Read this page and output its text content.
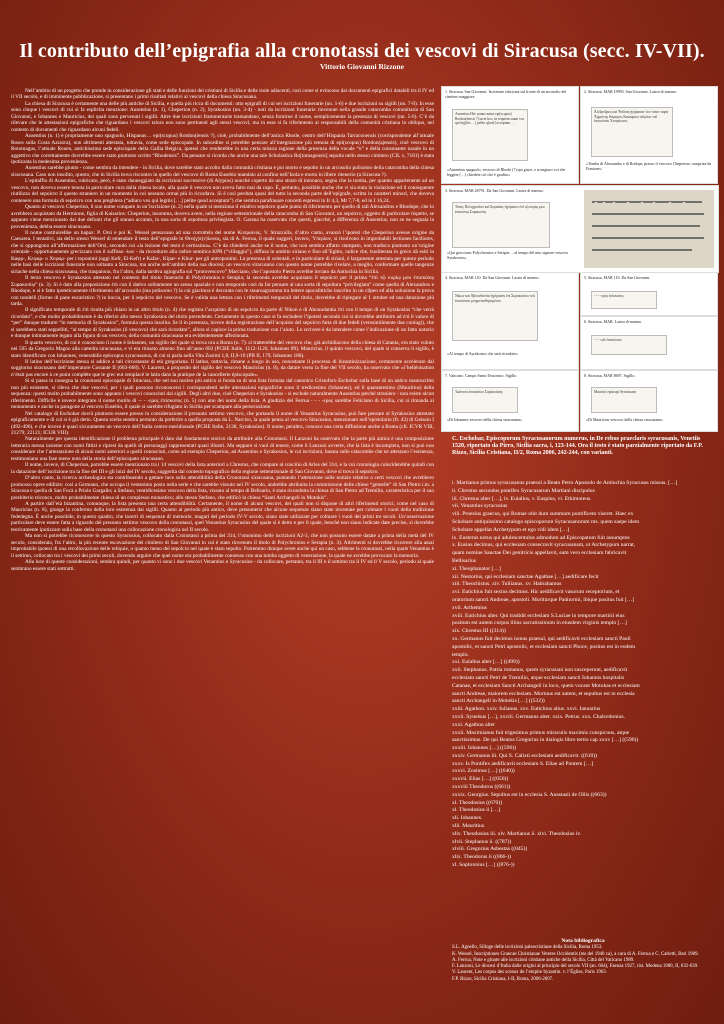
Il contributo dell’epigrafia alla cronotassi dei vescovi di Siracusa (secc. IV-VII).
Vittorio Giovanni Rizzone

Nell’ambito di un progetto che prende in considerazione gli stati e delle funzioni dei cristiani di Sicilia e delle isole adiacenti, così come si evincono dai documenti epigrafici databili tra il IV ed il VII secolo, e di imminente pubblicazione, si presentano i primi risultati relativi ai vescovi della chiesa Siracusana.

La chiesa di Siracusa è certamente una delle più antiche di Sicilia, e quella più ricca di documenti: otto epigrafi di cui sei iscrizioni funerarie (nn. 1-6) e due iscrizioni su sigilli (nn. 7-8). In esse sono cinque i vescovi di cui si fa esplicita menzione: Ausentius (n. 1), Cheperion (n. 2), Syrakosios (nn. 3-4) - noti da iscrizioni funerarie rinvenute nella grande catacomba comunitaria di San Giovanni, e Iohannes e Mauricius, dei quali sono pervenuti i sigilli. Altre due iscrizioni frammentarie tramandano, senza fornirne il nome, semplicemente la presenza di vescovi (nn. 5-6). C’è da rilevare che le attestazioni epigrafiche che riguardano i vescovi talora non sono pertinenti agli stessi vescovi, ma in esse si fa riferimento ai responsabili della comunità cristiana in obliquo, nel contesto di documenti che riguardano alcuni fedeli.

Ausentius (n. 1) è propriamente uno spagnolo, Hispanus… epi(scopus) Rotdon(iensis ?), cioè, probabilmente dell’antica Rhode, centro dell’Hispania Tarraconensis (corrispondente all’attuale Roses sulla Costa Azzurra), non altrimenti attestata, tuttavia, come sede episcopale. In subordine si potrebbe pensare all’integrazione più remota di epi(scopus) Rotdon(ajensis), cioè vescovo di Rotomagus, l’attuale Rouen, antichissima sede episcopale della Gallia Belgica, ipotesi che renderebbe in una certa misura ragione della presenza della vocale “o” e della consonante nasale in un aggettivo che correttamente dovrebbe essere stato piuttosto scritto “Rhodensis”. Da pensare si ricorda che anche una tale Scholastica Ro[tomagensis] sepolta nello stesso cimitero (CIL x, 7181) è stata ipotizzata la medesima provenienza.

Ausentius sarebbe giunto - come sembra da intendere - in Sicilia, dove sarebbe stato accolto dalla comunità cristiana e poi morto e sepolto in un arcosolio polisomo della catacomba della chiesa siracusana. Caso non insolito, questo, che in Sicilia trova riscontro in quello del vescovo di Roma Eusebio mandato al confino nell’Isola e morto in libere ritenerio (a Siracusa ?).

L’epitaffio di Ausentius, rubricato, però, è stato danneggiato da iscrizioni successive (di Alypios) nonché coperto da uno strato di intonaco, segno che la tomba, per quanto appartenente ad un vescovo, non doveva essere tenuta in particolare cura dalla chiesa locale, alla quale il vescovo non aveva fatto mai da capo. È, pertanto, possibile anche che vi sia stata la violazione ed il conseguente riutilizzo del sepolcro il questo straniero in un momento in cui nessuno ormai più lo ricordava. Si è così perduta quasi del tutto la seconda parte dell’epigrafe, scritta in caratteri minori, che doveva contenere una formula di sepolcro con una preghiera (“adiuro vos qui legitis […] pelite quod acceptum”) che sembra parafrasare concetti espressi in Ir 4,3, Mt 7,7-8, ed in I 16,24.

Quanto al vescovo Cheperion, il suo nome compare in un’iscrizione (n. 2) nella quale si menziona il relativo sepolcro quale punto di riferimento per quello di tali Alexandros e Rhodope, che lo avrebbero acquistato da Hermione, figlia di Kaisarios: Cheperion, insomma, doveva avere, nella regione settentrionale della catacomba di San Giovanni, un sepolcro, oggetto di particolare rispetto, se appunto viene menzionato dai due defunti che gli stanno accanto, in una sorta di sepoltura privilegiata. O. Garana ha osservato che questi, giacché, a differenza di Ausentius, non se ne segnala la provenienza, debba essere siracusano.

Il nome costituirebbe un hapax: P. Orsi e poi K. Wessel pensavano ad una corruttela del nome Κυπριανός. V. Strazzulla, d’altro canto, avanzò l’ipotesi che Cheperion avesse origine da Caesarea. I tentativi, sia dello stesso Wessel di emendare il testo dell’epigrafe in Θεο(γ)ε(ν)ίωνος, sia di A. Ferrua, il quale suggerì, invece, Ὑπερίων, si risolvono in improbabili lectiones faciliores, che si oppongono all’affermazione dell’Orsi, secondo cui «la lezione del testo è certissima». C’è da chiedersi anche se il nome, che non sembra affatto stampato, non tradisca piuttosto un’origine orientale - opportunamente grecizzata con il suffisso -ίων - da ricondurre alla radice semitica KPR (“villaggio”), diffusa in ambito siriano e fino all’Egitto, radice che, trasliterata in greco dà esiti in Καφρ-, Κεφαρ- o Χεφαρ- per i toponimi (oggi Kefr, El-Kefr) e Kafar-, Kipar- e Kbur- per gli antroponimi. La presenza di orientali, e in particolare di siriani, è largamente attestata per questo periodo nelle basi delle iscrizioni funerarie non soltanto a Siracusa, ma anche nell’ambito della sua diocesi; un vescovo siracusano con questo nome potrebbe rivelare, a meglio, confermare quelle tangenze siriache nella chiesa siracusana, che traspaiono, fra l’altro, dalla tardiva agiografia sul “protovescovo” Marciano, che l’apostolo Pietro avrebbe inviato da Antiochia in Sicilia.

Il terzo vescovo è Syrakosios attestato nel contesto del titolo funerario di Polychronios e Serapia; la seconda avrebbe acquistato il sepolcro per il prima “ἐπὶ τῷ κυρίῳ μου ἐπισκόπῳ Συρακοσίῳ” (n. 3). Si è dato alla preposizione ἐπὶ con il dativo solitamente un senso spaziale e non temporale così da far pensare al una sorta di sepoltura “privilegiata” come quella di Alexandros e Rhodope, e si è fatto ipoteticamente riferimento all’arcosolio (ma polisomo ?) la cui giacitura è decorata con le stauroagramma tra lettere apocalittiche inscritto in un clipeo ed alla soluzione la prova con tondelli (forme di pane eucaristico ?) in bocca, per il sepolcro del vescovo. Se è valida una lettura con i riferimenti temporali del titolo, dovrebbe di ripiegare al 1 ottobre ed una datazione più tarda.

Il significato temporale di ἐπὶ risulta più chiaro in un altro titolo (n. 4) che registra l’acquisto di un sepolcro da parte di Nikon e di Aboundantia ἐπὶ con il tempo di un Syrakosios “che verrà ricordato”, e che molto probabilmente è da riferire allo stesso Syrakosios del titolo precedente. Certamente in questo caso si fa escludere l’ipotesi secondo cui si dovrebbe attribuire ad ἐπὶ il valore di “per” dunque tradurre “in memoria di Syrakosios”, formula questa insolita. Se il in presenza, invece della registrazione dell’acquisto del sepolcro fatta di due fedeli (verosimilmente due coniugi), che si sarebbero stati seppelliti, “al tempo di Syrakosios (il vescovo) che sarà ricordato”, allora si capisce la prima traduzione con l’aiuto. Lo scrivere è da intendere come l’indicazione di un fatto notorio e dunque intimamente legato alla figura di un vescovo, della comunità siracusana era evidentemente affezionata.

Il quarto vescovo, di cui è conosciuto il nome è Iohannes, un sigillo del quale si trova ora a Roma (n. 7): si tratterebbe del vescovo che, già archidiacono della chiesa di Catania, era stato voluto nel 595 da Gregorio Magno alla cattedra siracusana, e vi era rimasto almeno fino all’anno 603 (PCBE Italie, 1112-1120, Iohannes 89). Mauricius, il quinto vescovo, del quale si conserva il sigillo, è stato identificato con Iohannes, venerabilis episcopus syracusanus, di cui si parla nella Vita Zosimi 1,8, II,9-10 (PB II, 179, Iohannes 186).

Il latino dell’iscrizione stessa si addice a tali circostanze di età gregoriana. Il latino, tuttavia, rimane a lungo in uso, nonostante il processo di bizantinizzazione, certamente accelerato dal soggiorno siracusano dell’imperatore Costante II (663-668). V. Laurent, a proposito del sigillo del vescovo Mauricius (n. 8), da datare verso la fine del VII secolo, ha osservato che «l’hellénisation n’était pas encore à ce point complète que le grec eut remplacé le latin dans la pratique de la cancellerie épiscopale».

Si si passa in rassegna la cronotassi episcopale di Siracusa, che nel suo nucleo più antico si fonda su di una lista formata dal canonico Cristoforo Eschobar sulla base di un antico manoscritto non più esistente, si rileva che due vescovi, per i quali possono riconoscersi i corrispondenti nelle attestazioni epigrafiche sono il tredicesimo (Iohannes), ed il quarantesimo (Mauritius) della sequenza: questi molto probabilmente sono appunto i vescovi conosciuti dai sigilli. Degli altri due, cioè Cheperion e Syrakosios - si esclude naturalmente Ausentius perché straniero - non esiste alcun riferimento. Difficile è invece integrare il nome mutilo di -- - -ερος ἐπίσκοπος (n. 5) con uno dei nomi della lista. A giudizio del Ferrua - - - -ερος sarebbe Feliciano di Sicilia, cui si rimanda al monumento e anche in paragone al vescovo Eusebio, il quale si sarebbe rifugiato in Sicilia per scampare alla persecuzione.

Nel catalogo di Eschobar dovrà piuttosto essere presso in considerazione il presunto settimo vescovo, che portando il nome di Venantius Syracusius, può fare pensare al Syrakosios attestato epigraficamente e di cui si è già detto. Questa scelta sembra pertanto da preferire a quella proposta da L. Narciso, la quale pensa al vescovo Siracusius, menzionato nell’epistolario (fr. 43) di Gelasio I (492-496), e che invece è quasi sicuramente un vescovo dell’Italia centro-meridionale (PCBE Italie, 2138, Syrakosios). Il nome, peraltro, conosce una certa diffusione anche a Roma (cfr. ICVR VIII, 21279; 22121; ICUR VIII).

Naturalmente per questa identificazione il problema principale è dato dal fondamento storico da attribuire alla Cronotassi. Il Lanzoni ha osservato che la parte più antica è una composizione letteraria messa insieme con nomi fittizi e ripresi da quelli di personaggi rappresentati quasi illustri. Ma seppure si vuol di tenere, come il Lanzoni avverte, che la lista è incompleta, non si può non considerare che l’attestazione di alcuni nomi anteriori a quelli conosciuti, come ad esempio Cheperion, ad Ausentius e Syrakosios, le cui iscrizioni, basata sulle catacombe che ne attestano l’esistenza, testimoniano una fase meno nota della storia dell’episcopato siracusano.

Il nome, invece, di Cheperion, potrebbe essere menzionato tra i 14 vescovi della lista anteriori a Chrestus, che compare al concilio di Arles del 314, e la cui cronologia coinciderebbe quindi con la datazione dell’iscrizione tra la fine del III e gli inizi del IV secolo, suggerita dal contesto topografico della regione settentrionale di San Giovanni, dove si trova il sepolcro.

D’altro canto, la ricerca archeologica sta contribuendo a gettare luce sulla attendibilità della Cronotassi siracusana, puntando l’attenzione sulle notizie relative a certi vescovi che avrebbero promosso opere edilizie: così a Germano, che occupa il ventesimo posto nella serie e che sarebbe vissuto nel IV secolo, andrebbe attribuita la commissione delle chiese “gemelle” di San Pietro i.m. a Siracusa e quella di San Focà a Priolo Gargallo; a Stefano, ventidicesimo vescovo della lista, vissuto al tempo di Belisario, è stata ricondotta la chiesa di San Pietro ad Tremilio, caratteristica per il suo presbiterio triconco, molto probabilmente chiesa di un complesso monastico; allo stesso Stefano, che edificò la chiesa “Santi Archangeli in Motokis”.

A partire dall’età bizantina, comunque, la lista presenta una certa attendibilità. Certamente, il nome di alcuni vescovi, dei quali non si dispone di altri riferimenti storici, come nel caso di Mauricius (n. 8), giunge la conferma della loro esistenza dai sigilli. Quanto al periodo più antico, deve presumersi che alcune sequenze siano state inventate per colmare i vuoti della tradizione fededegna. È anche possibile, in questo quadro, che lacerti di sequenze di memorie, magari del periodo IV-V secolo, siano state utilizzate per colmare i vuoti dei primi tre secoli. Un’osservazione particolare deve essere fatta a riguardo del presunto settimo vescovo della cronotassi, quel Venantius Syracusius del quale si è detto e per il quale, benché non siano indicate date precise, si dovrebbe teoricamente ipotizzare sulla base della cronotassi una collocazione cronologica nel II secolo.

Ma non si potrebbe riconoscere in questo Syracusius, collocato dalla Cronotassi a prima del 314, l’omonimo delle iscrizioni A2-3, che non possono essere datate a prima della metà del IV secolo, considerata, fra l’altro, la più recente escavazione del cimitero di San Giovanni in cui è stato rinvenuto il titolo di Polychronios e Serapia (n. 3). Altrimenti si dovrebbe ricorrere alla assai improbabile ipotesi di una recollocazione delle reliquie, o quanto meno del sepolcro nel quale è stato sepolto. Potremmo dunque avere anche qui un caso, sebbene la cronotassi, nella quale Venantius è il settimo, collocato tra i vescovi dei primi secoli, dovendo arguire che quel nome era probabilmente connesso con una tomba oggetto di venerazione, la quale ne avrebbe provocato la memoria.

Alla luce di queste considerazioni, sembra quindi, per quanto vi sono i due vescovi Venantius e Syracusius - da collocare, pertanto, tra il III e il settimo tra il IV ed il V secolo, periodo al quale sembrano essere stati sottratti.

1. Siracusa, San Giovanni. Iscrizione rubricata sul fronte di un arcosolio del cimitero maggiore.
Ausentius His- panus natus epi(scopus) Rotdon(iensis ?) iacet hoc, in requiem suam vos qui leg[itis …] pelite q[uod] acceptum …
«Ausentius spagnolo, vescovo di Rhode (?) qui giace, e scongiuro voi che leggete (…) chiedete ciò che è gradito»
2. Siracusa, MAR 19993. San Giovanni. Lastra di marmo.
Ἀλέξανδρος καὶ Ῥοδόπη ἠγόρασαν τὸν τόπον παρὰ Ἑρμιόνης θυγατρὸς Καισαρίου πλησίον τοῦ ἐπισκόπου Χεπερίωνος
«Tomba di Alessandro e di Rodope, presso il vescovo Cheperion, comprata da Ermione»
3. Siracusa, MAR 26791. Da San Giovanni. Lastra di marmo.
Τόπος Πολυχρονίου καὶ Σεραπίας ἠγόρασεν ἐπὶ τῷ κυρίῳ μου ἐπισκόπῳ Συρακοσίῳ
«Qui giacciono Polychronios e Serapia …al tempo del mio signore vescovo Syrakosios»
4. Siracusa, MAR 110. Da San Giovanni. Lastra di marmo.
Νίκων καὶ Ἀβουνδαντία ἠγόρασαν ἐπὶ Συρακοσίου τοῦ ἐπισκόπου μνημονευθησομένου
«Al tempo di Syrakosios che sarà ricordato»
5. Siracusa, MAR 110. Da San Giovanni.
- - - -ερος ἐπίσκοπος
6. Siracusa, MAR. Lastra di marmo.
- - - τοῦ ἐπισκόπου
7. Vaticano. Campo Santo Teutonico. Sigillo.
Ἰωάννου ἐπισκόπου Συρακούσης
«Di Iohannes vescovo della chiesa siracusana»
8. Siracusa, MAR 8697. Sigillo.
Mauricii episcopi Syracusani
«Di Mauricius vescovo della chiesa siracusana»
C. Eschobar, Episcoporum Syracusanorum numerus, in De rebus praeclaris syracusanis, Venetiis 1520, riportato da Pirro, Sicilia sacra, i, 123-144. Ora il testo è stato parzialmente riportato da F.P. Rizzo, Sicilia Cristiana, II/2, Roma 2006, 242-244, con varianti.
i. Martianus primus syracusanus praesul a Beato Petro Apostolo de Antiochia Syracusas missus. […]
ii. Chrestus secundus pontifex Syracusarum Martiani discipulus
iii. Chrestus alter […], iv. Eulalius, v. Euspius, vi. Ethimoteus.
vii. Venantius syracusius
viii. Proesius graecus, qui Romae obit dum summum pontificem viseret. Haec ex
Schobare antiquissimo catalogo episcoporum Syracusanorum ms. quem saepe idem
Schobare appellat Archetypum et ego vidi idem […]
ix. Eusterus notus qui adulescentulus admodum ad Episcopatum fuit assumptus
x. Eusius decimus, qui ecclesiam consecravit syracusanam, ut Archetypum narrat,
quam nomine Sanctae Dei genitricis appellavit, eam vero ecclesiam fabricavit
Bellisarius
xi. Theophanator […]
xii. Nestorius, qui ecclesiam sanctae Agathae […] aedificare fecit
xiii. Theochistus. xiv. Tullianus. xv. Habrahamus
xvi. Eutichius fuit sextus decimus. Hic aedificavit vasorum receptorium, et
oratorium sancti Andreae, apostoli. Moriturque Panhormi, ibique positus fuit […]
xvii. Arthemius
xviii. Eutichius alter. Qui tradidit ecclesiam S.Luciae in tempore martirii eius
positum est autem corpus illius sacratissimum in eiusdem virginis templo […]
xix. Chrestus III ((314))
xx. Germanus fuit decimus nonus praesul, qui aedificavit ecclesiam sancti Pauli
apostolic, et sancti Petri apostolic, et ecclesiam sancti Phoce, positus est in eodem
templo.
xxi. Eulalius alter […] ((499))
xxii. Stephanus. Patria romanus, quem syracusani non susceperunt, aedificavit
ecclesiam sancti Petri de Tremilio, atque ecclesiam sancti Iohannis hospitalis
Catanae, et ecclesiam Sancti Archangeli in loco, quem vocant Motokas et ecclesiam
sancti Andreae, maiorem ecclesiam. Mortuus est autem, et sepultus est in ecclesia
sancti Archangeli in Motokis […] ((532))
xxiii. Agathon. xxiv. Iulianus. xxv. Eutichius alius. xxvi. Ianuarius
xxvii. Syneisus […], xxviii. Germanus alter. xxix. Petrus. xxx. Chalcedonius.
xxxi. Agathon alter
xxxii. Maximianus fuit trigesimus primus miraculis maximis conspicuus, atque
sanctissimus. De qui Beatus Gregorius in dialogis libro tertio cap xxxv […] ((590))
xxxiii. Iohannes […] ((596))
xxxiv. Germanus iii. Qui S. Calixti ecclesiam aedificavit. ((610))
xxxv. Is Pontifex aedificavit ecclesiam S. Eliae ad Pontem […]
xxxvi. Zosimus […] ((640))
xxxvii. Elias […] ((656))
xxxviii Theodorus ((661))
xxxix. Georgius. Sepultus est in ecclesia S. Anastasii de Ollis ((663))
xl. Theodosius ((670))
xl. Theodosius ii […]
xli. Iohannes.
xlii. Mauritius.
xliv. Theodosius iii. xlv. Martianus ii. xlvi. Theodosius iv.
xlvii. Stephanus ii. ((787))
xlviii. Gregorius Asbestas ((845))
xlix. Theodorus ii ((866-))
xl. Sophronius […] ((876-))
Nota bibliografica
S.L. Agnello, Silloge delle iscrizioni paleocristiane della Sicilia, Roma 1953.
K. Wessel, Inscriptiones Graecae Christianae Veteres Occidentis (ms del 1940 ca), a cura di A. Ferrua e C. Carletti, Bari 1989.
A. Ferrua, Note e giunte alle iscrizioni cristiane antiche della Sicilia, Città del Vaticano 1989.
F. Lanzoni, Le diocesi d’Italia dalle origini al principio del secolo VII (an. 604), Faenza 1927, rist. Modena 1980, II, 632-639.
V. Laurent, Les corpus des sceaux de l’empire byzantin. v. l’Église, Paris 1963.
F.P. Rizzo, Sicilia Cristiana, I-II, Roma, 2006-2007.
